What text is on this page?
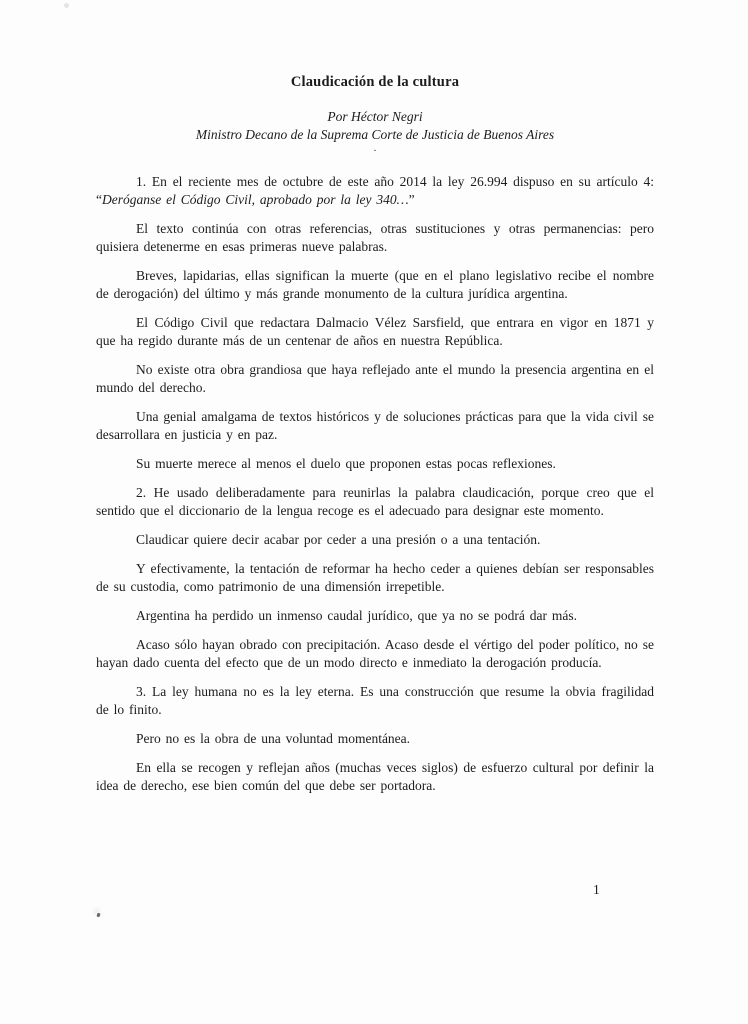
Claudicación de la cultura
Por Héctor Negri
Ministro Decano de la Suprema Corte de Justicia de Buenos Aires
.

1. En el reciente mes de octubre de este año 2014 la ley 26.994 dispuso en su artículo 4: “Deróganse el Código Civil, aprobado por la ley 340…”

El texto continúa con otras referencias, otras sustituciones y otras permanencias: pero quisiera detenerme en esas primeras nueve palabras.

Breves, lapidarias, ellas significan la muerte (que en el plano legislativo recibe el nombre de derogación) del último y más grande monumento de la cultura jurídica argentina.

El Código Civil que redactara Dalmacio Vélez Sarsfield, que entrara en vigor en 1871 y que ha regido durante más de un centenar de años en nuestra República.

No existe otra obra grandiosa que haya reflejado ante el mundo la presencia argentina en el mundo del derecho.

Una genial amalgama de textos históricos y de soluciones prácticas para que la vida civil se desarrollara en justicia y en paz.

Su muerte merece al menos el duelo que proponen estas pocas reflexiones.

2. He usado deliberadamente para reunirlas la palabra claudicación, porque creo que el sentido que el diccionario de la lengua recoge es el adecuado para designar este momento.

Claudicar quiere decir acabar por ceder a una presión o a una tentación.

Y efectivamente, la tentación de reformar ha hecho ceder a quienes debían ser responsables de su custodia, como patrimonio de una dimensión irrepetible.

Argentina ha perdido un inmenso caudal jurídico, que ya no se podrá dar más.

Acaso sólo hayan obrado con precipitación. Acaso desde el vértigo del poder político, no se hayan dado cuenta del efecto que de un modo directo e inmediato la derogación producía.

3. La ley humana no es la ley eterna. Es una construcción que resume la obvia fragilidad de lo finito.

Pero no es la obra de una voluntad momentánea.

En ella se recogen y reflejan años (muchas veces siglos) de esfuerzo cultural por definir la idea de derecho, ese bien común del que debe ser portadora.

1
